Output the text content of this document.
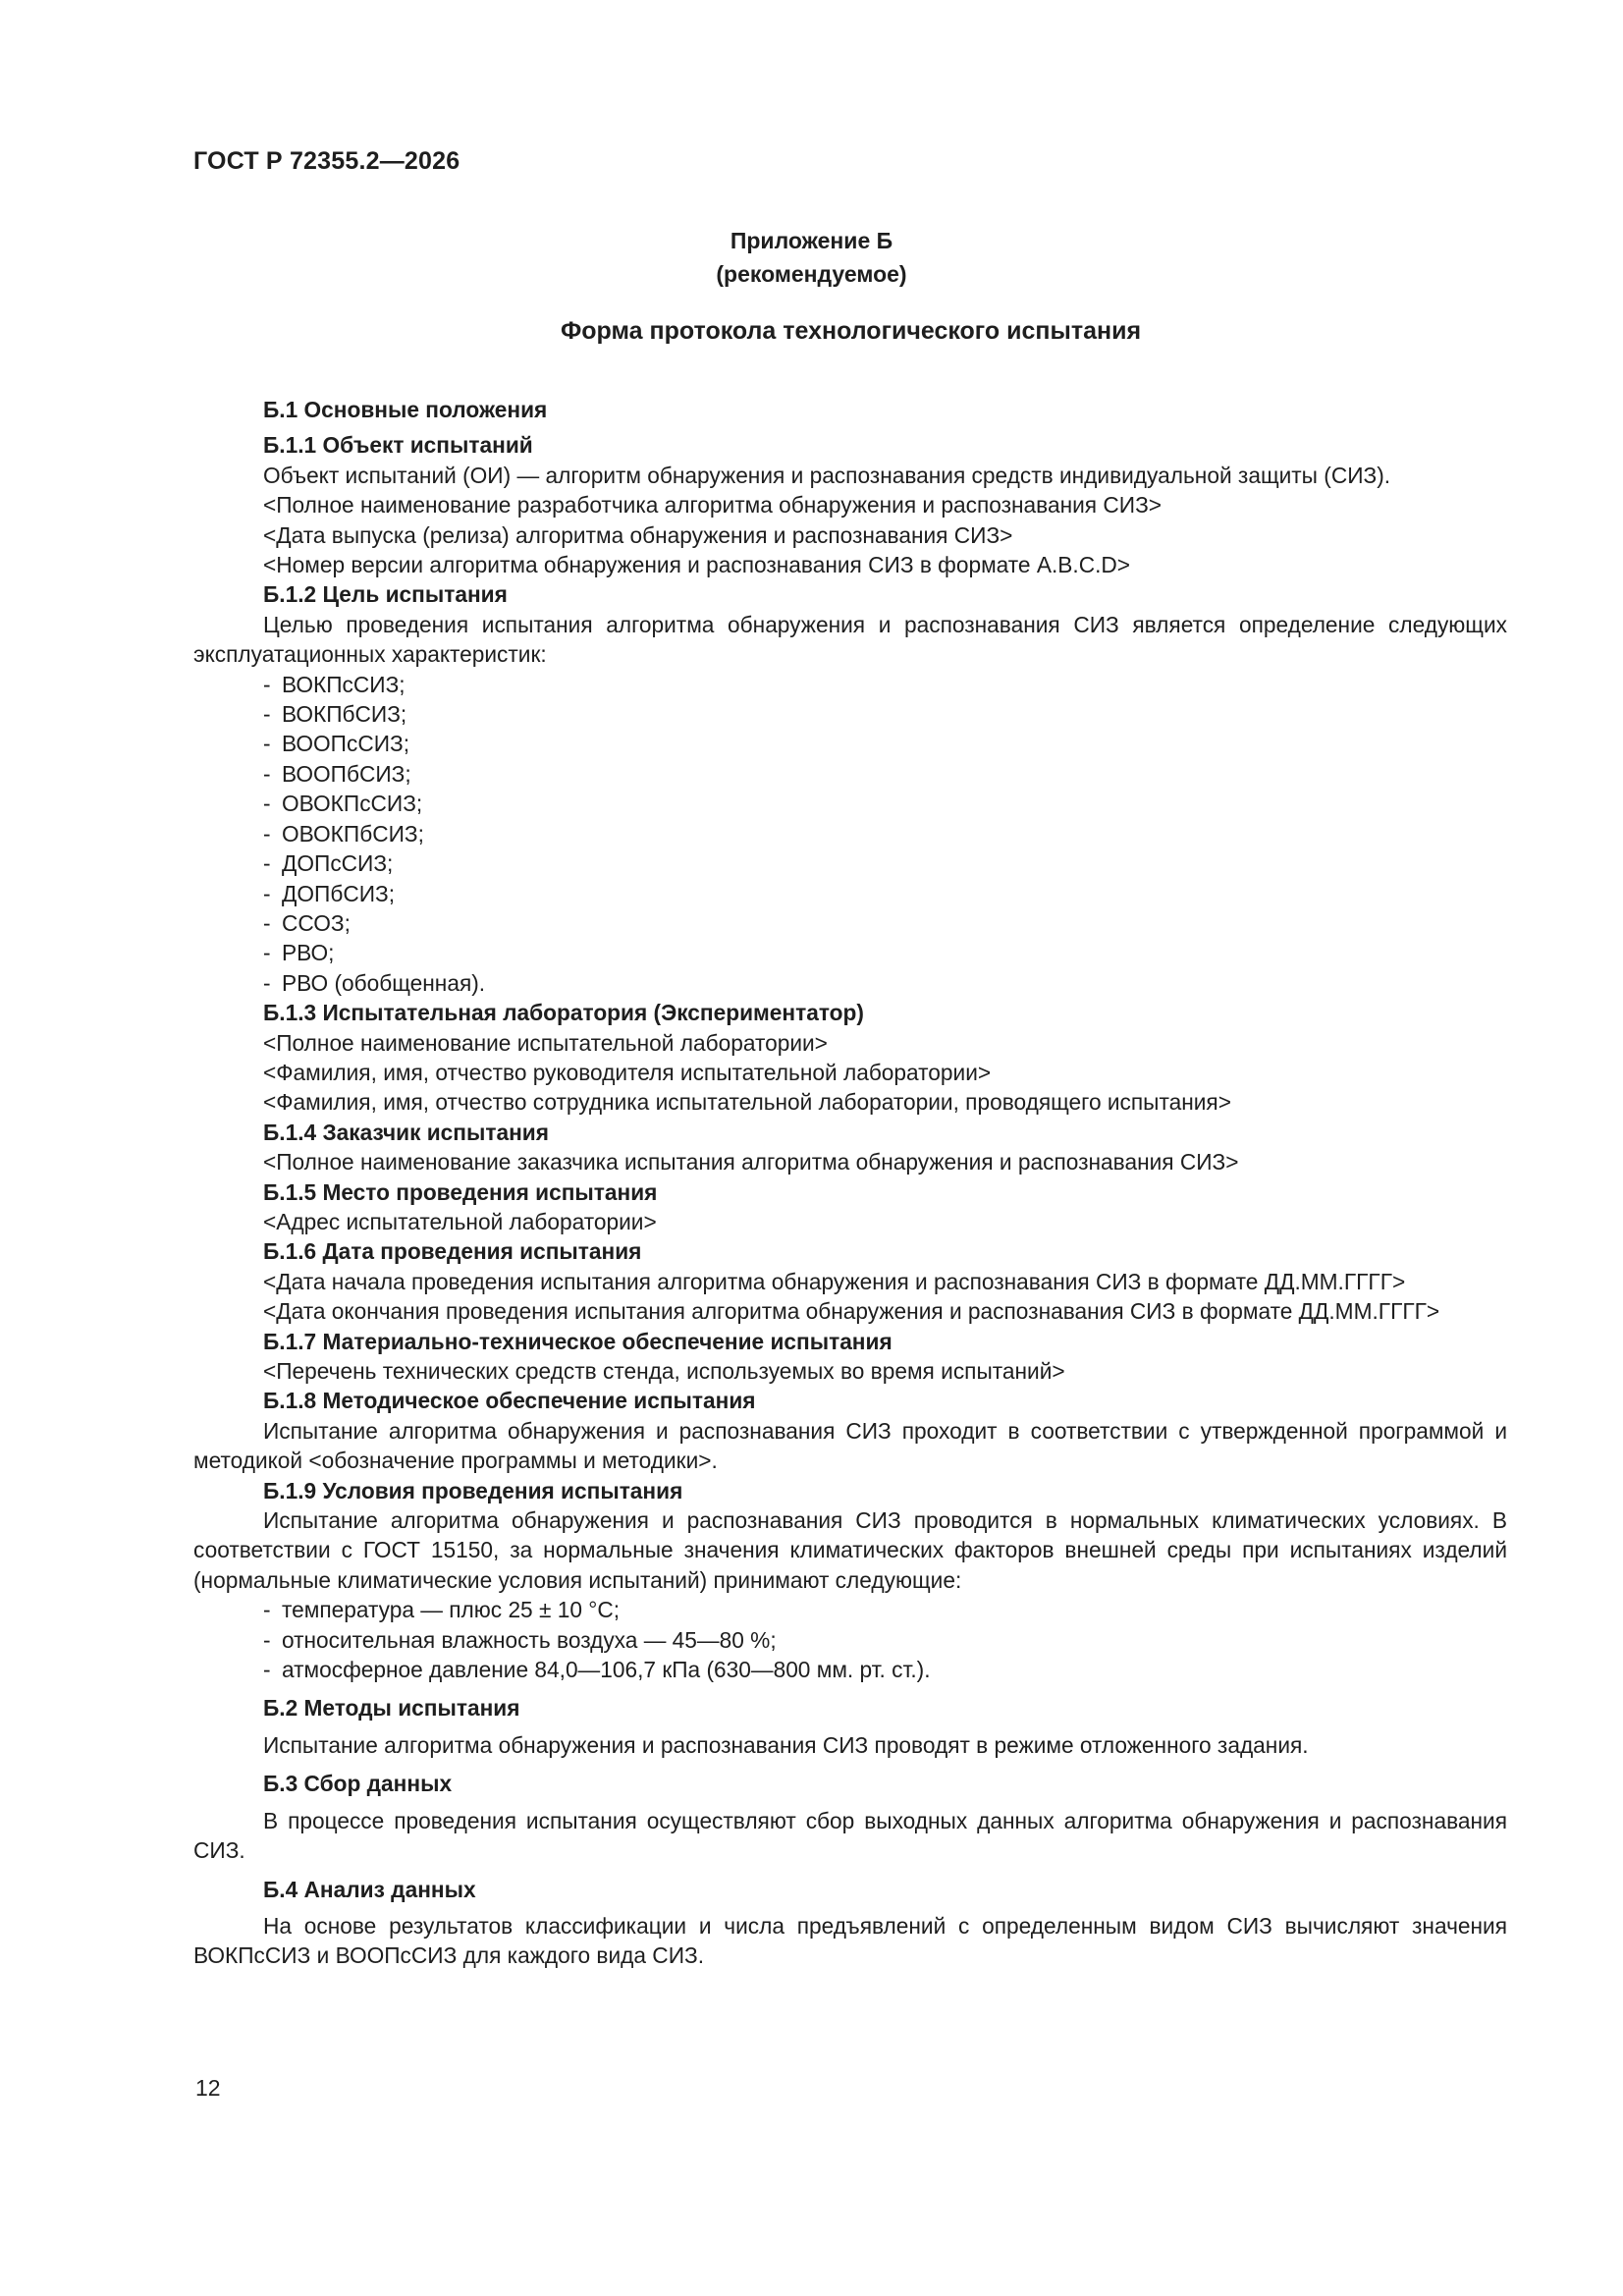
ГОСТ Р 72355.2—2026
Приложение Б
(рекомендуемое)
Форма протокола технологического испытания
Б.1 Основные положения
Б.1.1 Объект испытаний
Объект испытаний (ОИ) — алгоритм обнаружения и распознавания средств индивидуальной защиты (СИЗ).
<Полное наименование разработчика алгоритма обнаружения и распознавания СИЗ>
<Дата выпуска (релиза) алгоритма обнаружения и распознавания СИЗ>
<Номер версии алгоритма обнаружения и распознавания СИЗ в формате A.B.C.D>
Б.1.2 Цель испытания
Целью проведения испытания алгоритма обнаружения и распознавания СИЗ является определение следующих эксплуатационных характеристик:
- ВОКПсСИЗ;
- ВОКПбСИЗ;
- ВООПсСИЗ;
- ВООПбСИЗ;
- ОВОКПсСИЗ;
- ОВОКПбСИЗ;
- ДОПсСИЗ;
- ДОПбСИЗ;
- ССОЗ;
- РВО;
- РВО (обобщенная).
Б.1.3 Испытательная лаборатория (Экспериментатор)
<Полное наименование испытательной лаборатории>
<Фамилия, имя, отчество руководителя испытательной лаборатории>
<Фамилия, имя, отчество сотрудника испытательной лаборатории, проводящего испытания>
Б.1.4 Заказчик испытания
<Полное наименование заказчика испытания алгоритма обнаружения и распознавания СИЗ>
Б.1.5 Место проведения испытания
<Адрес испытательной лаборатории>
Б.1.6 Дата проведения испытания
<Дата начала проведения испытания алгоритма обнаружения и распознавания СИЗ в формате ДД.ММ.ГГГГ>
<Дата окончания проведения испытания алгоритма обнаружения и распознавания СИЗ в формате ДД.ММ.ГГГГ>
Б.1.7 Материально-техническое обеспечение испытания
<Перечень технических средств стенда, используемых во время испытаний>
Б.1.8 Методическое обеспечение испытания
Испытание алгоритма обнаружения и распознавания СИЗ проходит в соответствии с утвержденной программой и методикой <обозначение программы и методики>.
Б.1.9 Условия проведения испытания
Испытание алгоритма обнаружения и распознавания СИЗ проводится в нормальных климатических условиях. В соответствии с ГОСТ 15150, за нормальные значения климатических факторов внешней среды при испытаниях изделий (нормальные климатические условия испытаний) принимают следующие:
- температура — плюс 25 ± 10 °С;
- относительная влажность воздуха — 45—80 %;
- атмосферное давление 84,0—106,7 кПа (630—800 мм. рт. ст.).
Б.2 Методы испытания
Испытание алгоритма обнаружения и распознавания СИЗ проводят в режиме отложенного задания.
Б.3 Сбор данных
В процессе проведения испытания осуществляют сбор выходных данных алгоритма обнаружения и распознавания СИЗ.
Б.4 Анализ данных
На основе результатов классификации и числа предъявлений с определенным видом СИЗ вычисляют значения ВОКПсСИЗ и ВООПсСИЗ для каждого вида СИЗ.
12
